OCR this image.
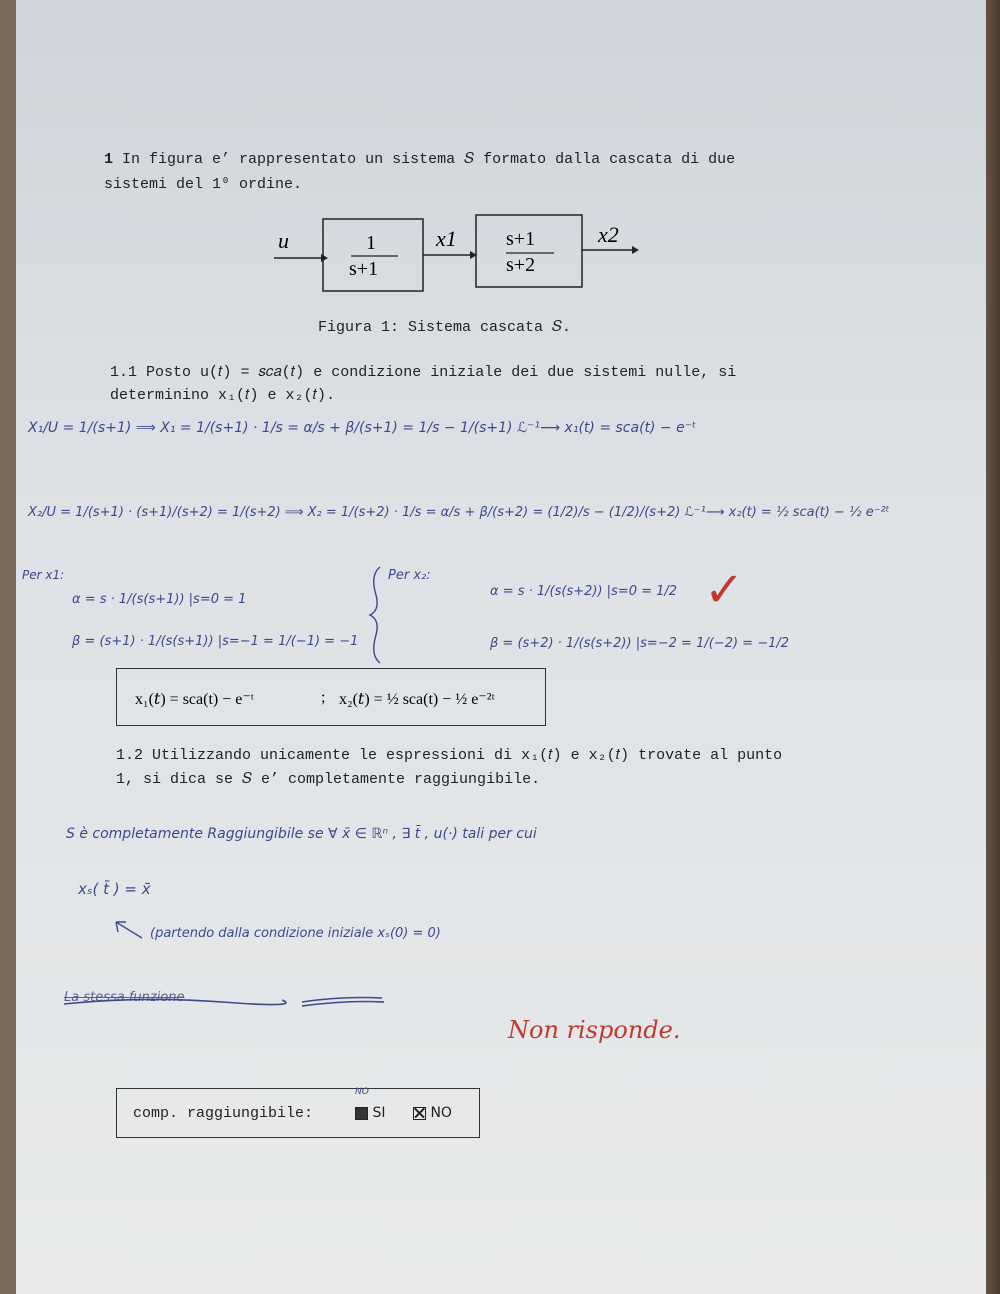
1 In figura e’ rappresentato un sistema 𝑆 formato dalla cascata di due
sistemi del 1⁰ ordine.
u	1
s+1
x1 s+1
s+2
x2
Figura 1: Sistema cascata 𝑆.
1.1 Posto u(𝑡) = 𝑠𝑐𝑎(𝑡) e condizione iniziale dei due sistemi nulle, si
determinino x₁(𝑡) e x₂(𝑡).
X₁/U = 1/(s+1) ⟹ X₁ = 1/(s+1) · 1/s = α/s + β/(s+1) = 1/s − 1/(s+1) ℒ⁻¹⟶ x₁(t) = sca(t) − e⁻ᵗ
X₂/U = 1/(s+1) · (s+1)/(s+2) = 1/(s+2) ⟹ X₂ = 1/(s+2) · 1/s = α/s + β/(s+2) = (1/2)/s − (1/2)/(s+2) ℒ⁻¹⟶ x₂(t) = ½ sca(t) − ½ e⁻²ᵗ
Per x1:
α = s · 1/(s(s+1)) |s=0 = 1
β = (s+1) · 1/(s(s+1)) |s=−1 = 1/(−1) = −1
Per x₂:
α = s · 1/(s(s+2)) |s=0 = 1/2
β = (s+2) · 1/(s(s+2)) |s=−2 = 1/(−2) = −1/2
✓
x₁(𝑡) = sca(t) − e⁻ᵗ	; x₂(𝑡) = ½ sca(t) − ½ e⁻²ᵗ
1.2 Utilizzando unicamente le espressioni di x₁(𝑡) e x₂(𝑡) trovate al punto
1, si dica se 𝑆 e’ completamente raggiungibile.
S è completamente Raggiungibile se ∀ x̄ ∈ ℝⁿ , ∃ t̄ , u(·) tali per cui
xₛ( t̄ ) = x̄
(partendo dalla condizione iniziale xₛ(0) = 0)
La stessa funzione
Non risponde.
comp. raggiungibile:
NO
SI	NO
